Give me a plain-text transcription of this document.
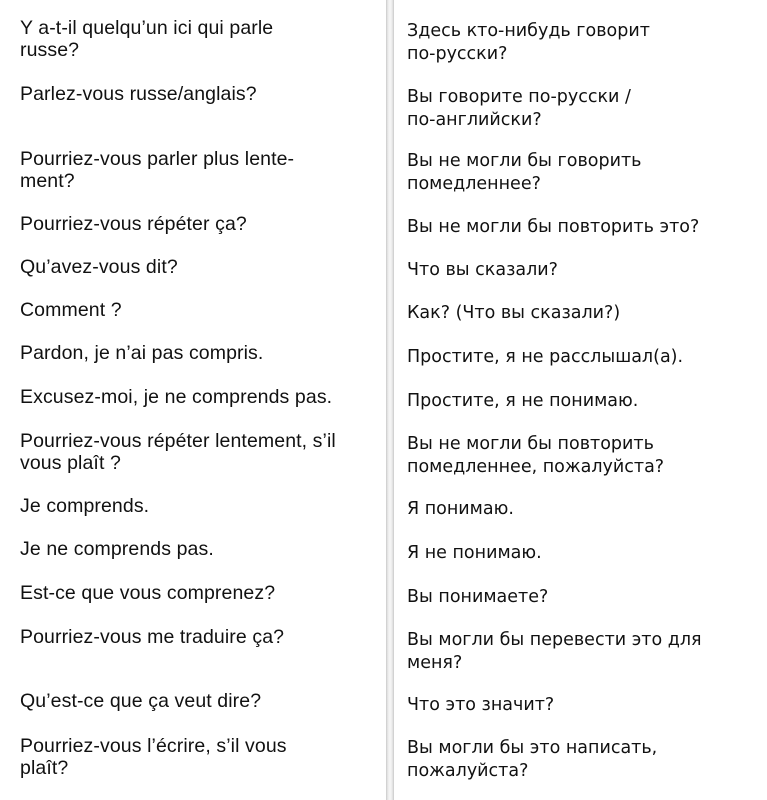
Y a-t-il quelqu’un ici qui parle
russe?

Parlez-vous russe/anglais?

Pourriez-vous parler plus lente-
ment?

Pourriez-vous répéter ça?

Qu’avez-vous dit?

Comment ?

Pardon, je n’ai pas compris.

Excusez-moi, je ne comprends pas.

Pourriez-vous répéter lentement, s’il
vous plaît ?

Je comprends.

Je ne comprends pas.

Est-ce que vous comprenez?

Pourriez-vous me traduire ça?

Qu’est-ce que ça veut dire?

Pourriez-vous l’écrire, s’il vous
plaît?

Здесь кто-нибудь говорит
по-русски?

Вы говорите по-русски /
по-английски?

Вы не могли бы говорить
помедленнее?

Вы не могли бы повторить это?

Что вы сказали?

Как? (Что вы сказали?)

Простите, я не расслышал(а).

Простите, я не понимаю.

Вы не могли бы повторить
помедленнее, пожалуйста?

Я понимаю.

Я не понимаю.

Вы понимаете?

Вы могли бы перевести это для
меня?

Что это значит?

Вы могли бы это написать,
пожалуйста?
